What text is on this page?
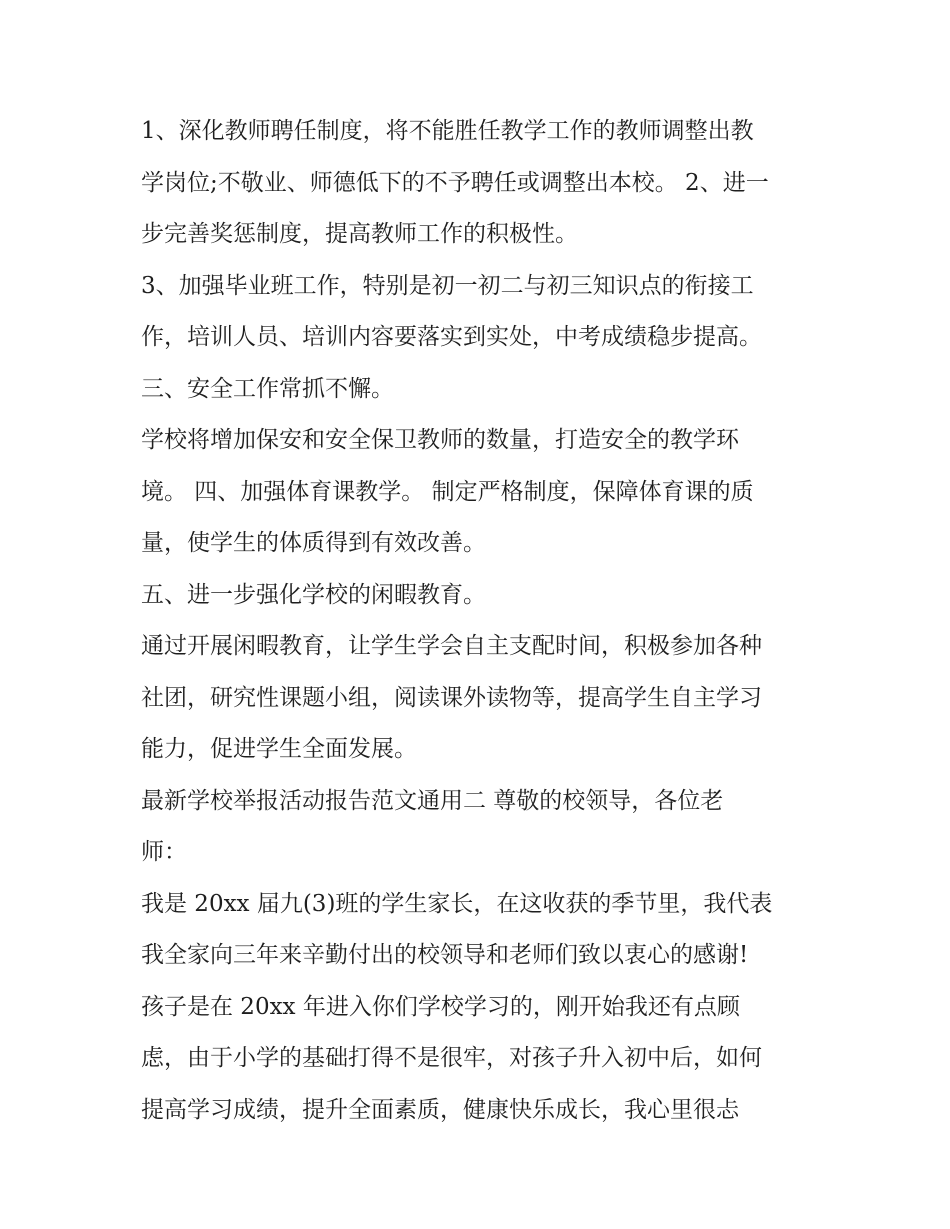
1、深化教师聘任制度，将不能胜任教学工作的教师调整出教
学岗位;不敬业、师德低下的不予聘任或调整出本校。 2、进一
步完善奖惩制度，提高教师工作的积极性。
3、加强毕业班工作，特别是初一初二与初三知识点的衔接工
作，培训人员、培训内容要落实到实处，中考成绩稳步提高。
三、安全工作常抓不懈。
学校将增加保安和安全保卫教师的数量，打造安全的教学环
境。 四、加强体育课教学。 制定严格制度，保障体育课的质
量，使学生的体质得到有效改善。
五、进一步强化学校的闲暇教育。
通过开展闲暇教育，让学生学会自主支配时间，积极参加各种
社团，研究性课题小组，阅读课外读物等，提高学生自主学习
能力，促进学生全面发展。
最新学校举报活动报告范文通用二 尊敬的校领导，各位老
师：
我是 20xx 届九(3)班的学生家长，在这收获的季节里，我代表
我全家向三年来辛勤付出的校领导和老师们致以衷心的感谢!
孩子是在 20xx 年进入你们学校学习的，刚开始我还有点顾
虑，由于小学的基础打得不是很牢，对孩子升入初中后，如何
提高学习成绩，提升全面素质，健康快乐成长，我心里很忐
